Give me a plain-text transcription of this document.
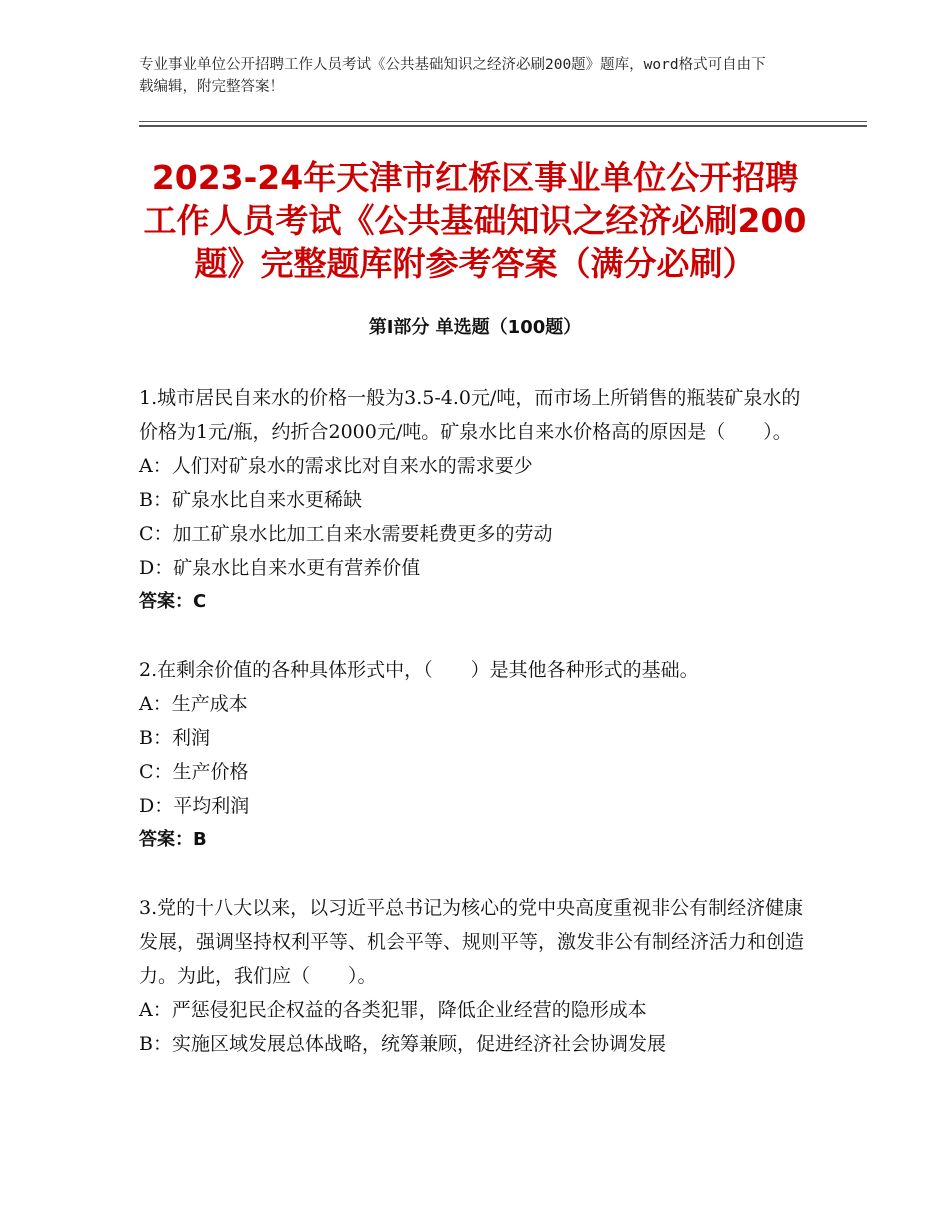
专业事业单位公开招聘工作人员考试《公共基础知识之经济必刷200题》题库，word格式可自由下载编辑，附完整答案！
2023-24年天津市红桥区事业单位公开招聘工作人员考试《公共基础知识之经济必刷200题》完整题库附参考答案（满分必刷）
第Ⅰ部分 单选题（100题）

1.城市居民自来水的价格一般为3.5-4.0元/吨，而市场上所销售的瓶装矿泉水的价格为1元/瓶，约折合2000元/吨。矿泉水比自来水价格高的原因是（　　）。

A：人们对矿泉水的需求比对自来水的需求要少

B：矿泉水比自来水更稀缺

C：加工矿泉水比加工自来水需要耗费更多的劳动

D：矿泉水比自来水更有营养价值

答案：C

2.在剩余价值的各种具体形式中，（　　）是其他各种形式的基础。

A：生产成本

B：利润

C：生产价格

D：平均利润

答案：B

3.党的十八大以来，以习近平总书记为核心的党中央高度重视非公有制经济健康发展，强调坚持权利平等、机会平等、规则平等，激发非公有制经济活力和创造力。为此，我们应（　　）。

A：严惩侵犯民企权益的各类犯罪，降低企业经营的隐形成本

B：实施区域发展总体战略，统筹兼顾，促进经济社会协调发展
